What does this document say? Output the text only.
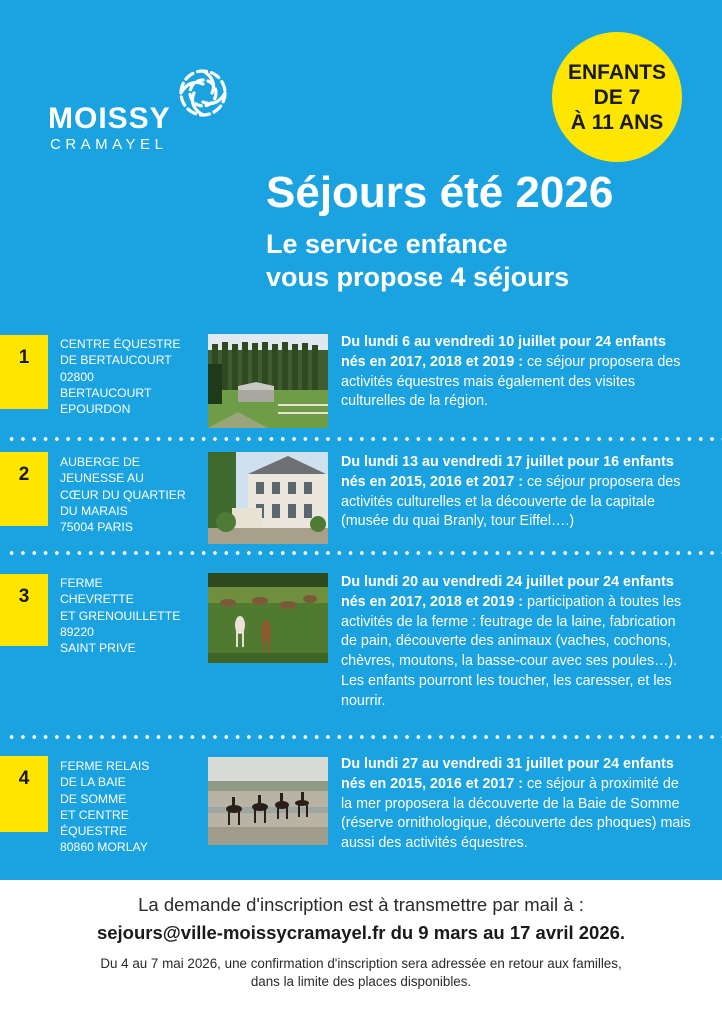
MOISSY
CRAMAYEL
ENFANTS
DE 7
À 11 ANS
Séjours été 2026
Le service enfance
vous propose 4 séjours
1
CENTRE ÉQUESTRE
DE BERTAUCOURT
02800
BERTAUCOURT
EPOURDON
Du lundi 6 au vendredi 10 juillet pour 24 enfants nés en 2017, 2018 et 2019 : ce séjour proposera des activités équestres mais également des visites culturelles de la région.
2
AUBERGE DE
JEUNESSE AU
CŒUR DU QUARTIER
DU MARAIS
75004 PARIS
Du lundi 13 au vendredi 17 juillet pour 16 enfants nés en 2015, 2016 et 2017 : ce séjour proposera des activités culturelles et la découverte de la capitale (musée du quai Branly, tour Eiffel….)
3
FERME
CHEVRETTE
ET GRENOUILLETTE
89220
SAINT PRIVE
Du lundi 20 au vendredi 24 juillet pour 24 enfants nés en 2017, 2018 et 2019 : participation à toutes les activités de la ferme : feutrage de la laine, fabrication de pain, découverte des animaux (vaches, cochons, chèvres, moutons, la basse-cour avec ses poules…). Les enfants pourront les toucher, les caresser, et les nourrir.
4
FERME RELAIS
DE LA BAIE
DE SOMME
ET CENTRE
ÉQUESTRE
80860 MORLAY
Du lundi 27 au vendredi 31 juillet pour 24 enfants nés en 2015, 2016 et 2017 : ce séjour à proximité de la mer proposera la découverte de la Baie de Somme (réserve ornithologique, découverte des phoques) mais aussi des activités équestres.
La demande d'inscription est à transmettre par mail à :
sejours@ville-moissycramayel.fr du 9 mars au 17 avril 2026.
Du 4 au 7 mai 2026, une confirmation d'inscription sera adressée en retour aux familles,
dans la limite des places disponibles.
